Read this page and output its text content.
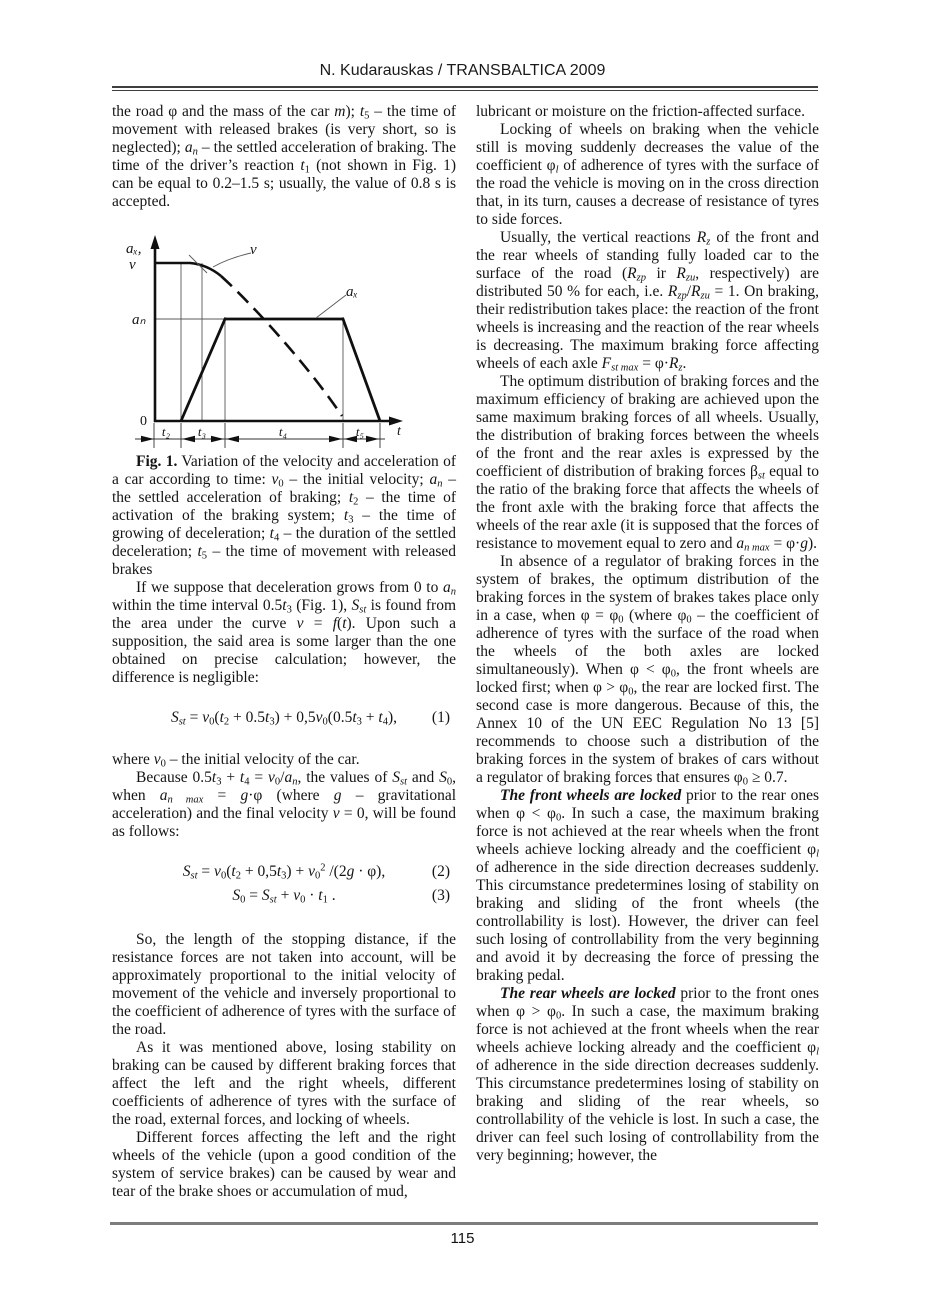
N. Kudarauskas / TRANSBALTICA 2009

the road φ and the mass of the car m); $t_5$ – the time of movement with released brakes (is very short, so is neglected); $a_n$ – the settled acceleration of braking. The time of the driver’s reaction $t_1$ (not shown in Fig. 1) can be equal to 0.2–1.5 s; usually, the value of 0.8 s is accepted.

aₓ,
v
aₙ
0
v
aₓ
t
t₂ t₃	t₄	t₅

Fig. 1. Variation of the velocity and acceleration of a car according to time: $v_0$ – the initial velocity; $a_n$ – the settled acceleration of braking; $t_2$ – the time of activation of the braking system; $t_3$ – the time of growing of deceleration; $t_4$ – the duration of the settled deceleration; $t_5$ – the time of movement with released brakes

If we suppose that deceleration grows from 0 to $a_n$ within the time interval $0.5t_3$ (Fig. 1), $S_{st}$ is found from the area under the curve v = f(t). Upon such a supposition, the said area is some larger than the one obtained on precise calculation; however, the difference is negligible:

$S_{st} = v_0(t_2 + 0.5t_3) + 0,5v_0(0.5t_3 + t_4)$, (1)

where $v_0$ – the initial velocity of the car.

Because $0.5t_3 + t_4 = v_0/a_n$, the values of $S_{st}$ and $S_0$, when $a_{n max} = g\cdot\varphi$ (where g – gravitational acceleration) and the final velocity v = 0, will be found as follows:

$S_{st} = v_0(t_2 + 0,5t_3) + v_0^2$ /(2g · φ),	(2)
$S_0 = S_{st} + v_0 \cdot t_1$ .	(3)

So, the length of the stopping distance, if the resistance forces are not taken into account, will be approximately proportional to the initial velocity of movement of the vehicle and inversely proportional to the coefficient of adherence of tyres with the surface of the road.

As it was mentioned above, losing stability on braking can be caused by different braking forces that affect the left and the right wheels, different coefficients of adherence of tyres with the surface of the road, external forces, and locking of wheels.

Different forces affecting the left and the right wheels of the vehicle (upon a good condition of the system of service brakes) can be caused by wear and tear of the brake shoes or accumulation of mud,

lubricant or moisture on the friction-affected surface.

Locking of wheels on braking when the vehicle still is moving suddenly decreases the value of the coefficient $\varphi_l$ of adherence of tyres with the surface of the road the vehicle is moving on in the cross direction that, in its turn, causes a decrease of resistance of tyres to side forces.

Usually, the vertical reactions $R_z$ of the front and the rear wheels of standing fully loaded car to the surface of the road ($R_{zp}$ ir $R_{zu}$, respectively) are distributed 50 % for each, i.e. $R_{zp}/R_{zu} = 1$. On braking, their redistribution takes place: the reaction of the front wheels is increasing and the reaction of the rear wheels is decreasing. The maximum braking force affecting wheels of each axle $F_{st max} = \varphi\cdot R_z$.

The optimum distribution of braking forces and the maximum efficiency of braking are achieved upon the same maximum braking forces of all wheels. Usually, the distribution of braking forces between the wheels of the front and the rear axles is expressed by the coefficient of distribution of braking forces $\beta_{st}$ equal to the ratio of the braking force that affects the wheels of the front axle with the braking force that affects the wheels of the rear axle (it is supposed that the forces of resistance to movement equal to zero and $a_{n max} = \varphi\cdot g$).

In absence of a regulator of braking forces in the system of brakes, the optimum distribution of the braking forces in the system of brakes takes place only in a case, when $\varphi = \varphi_0$ (where $\varphi_0$ – the coefficient of adherence of tyres with the surface of the road when the wheels of the both axles are locked simultaneously). When $\varphi < \varphi_0$, the front wheels are locked first; when $\varphi > \varphi_0$, the rear are locked first. The second case is more dangerous. Because of this, the Annex 10 of the UN EEC Regulation No 13 [5] recommends to choose such a distribution of the braking forces in the system of brakes of cars without a regulator of braking forces that ensures $\varphi_0 \ge 0.7$.

The front wheels are locked prior to the rear ones when $\varphi < \varphi_0$. In such a case, the maximum braking force is not achieved at the rear wheels when the front wheels achieve locking already and the coefficient $\varphi_l$ of adherence in the side direction decreases suddenly. This circumstance predetermines losing of stability on braking and sliding of the front wheels (the controllability is lost). However, the driver can feel such losing of controllability from the very beginning and avoid it by decreasing the force of pressing the braking pedal.

The rear wheels are locked prior to the front ones when $\varphi > \varphi_0$. In such a case, the maximum braking force is not achieved at the front wheels when the rear wheels achieve locking already and the coefficient $\varphi_l$ of adherence in the side direction decreases suddenly. This circumstance predetermines losing of stability on braking and sliding of the rear wheels, so controllability of the vehicle is lost. In such a case, the driver can feel such losing of controllability from the very beginning; however, the

115
